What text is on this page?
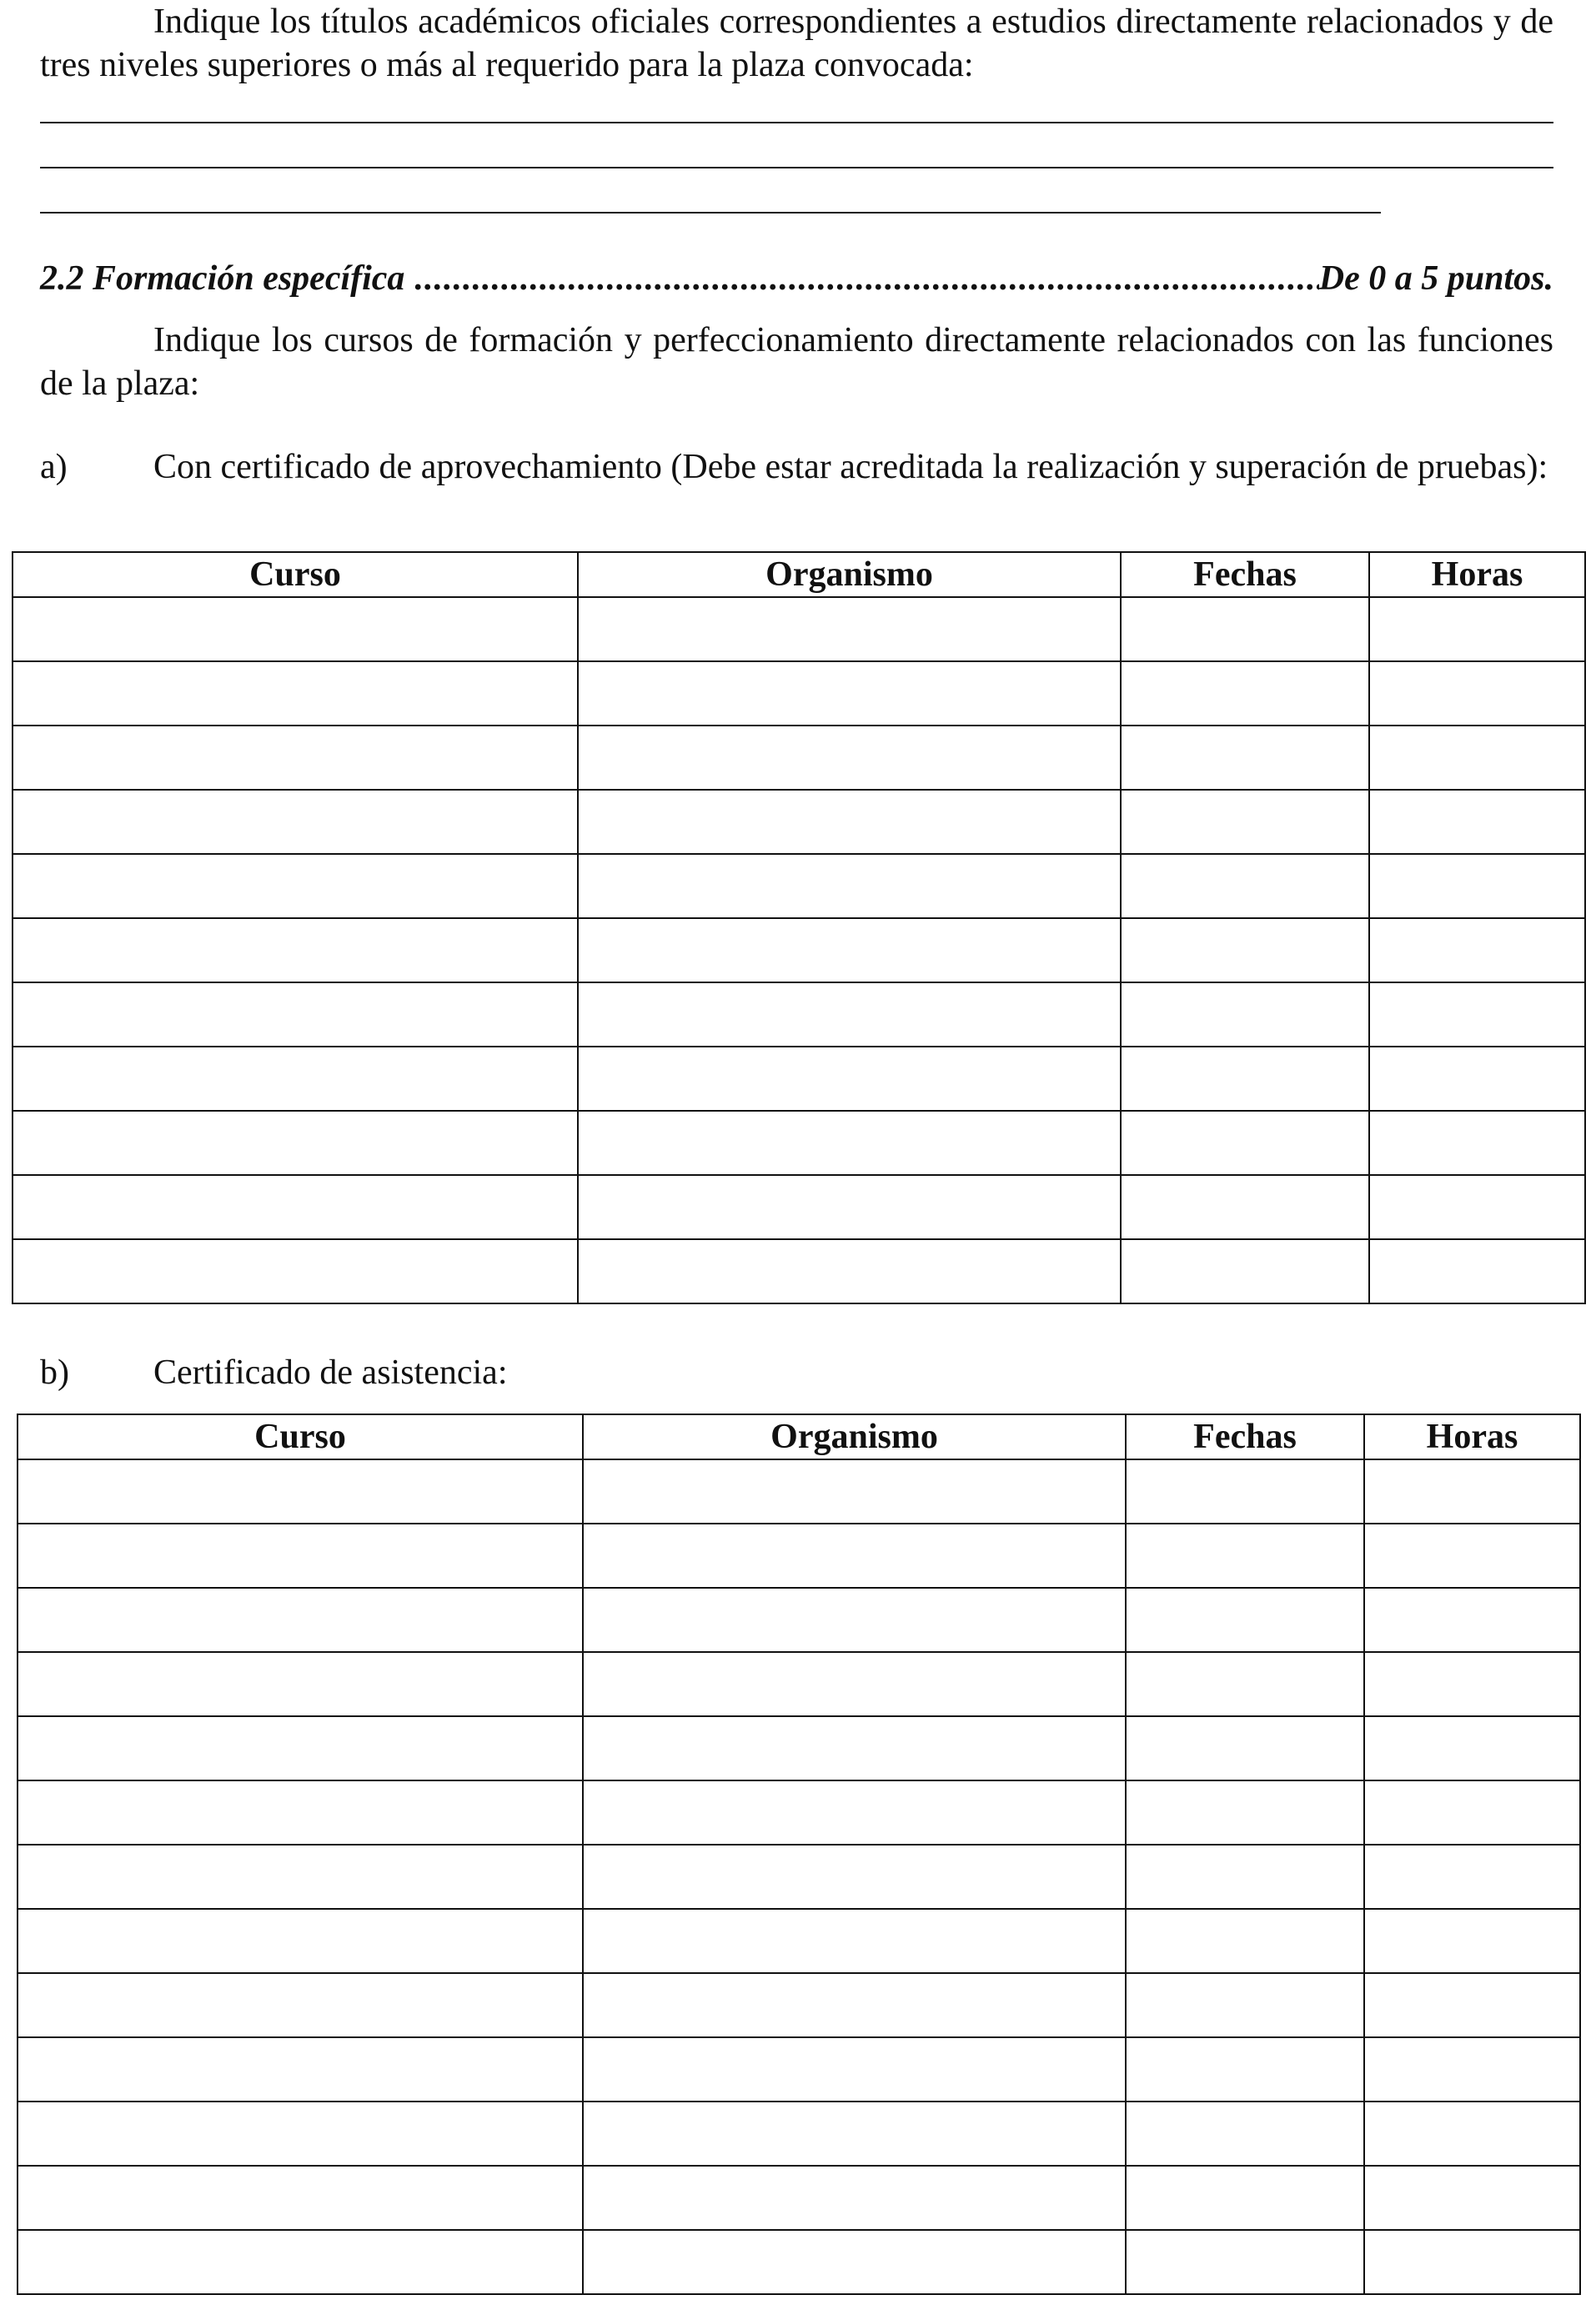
Indique los títulos académicos oficiales correspondientes a estudios directamente relacionados y de tres niveles superiores o más al requerido para la plaza convocada:

2.2 Formación específica .....	De 0 a 5 puntos.

Indique los cursos de formación y perfeccionamiento directamente relacionados con las funciones de la plaza:

a)	Con certificado de aprovechamiento (Debe estar acreditada la realización y superación de pruebas):
Curso	Organismo	Fechas	Horas

b)	Certificado de asistencia:
Curso	Organismo	Fechas	Horas
